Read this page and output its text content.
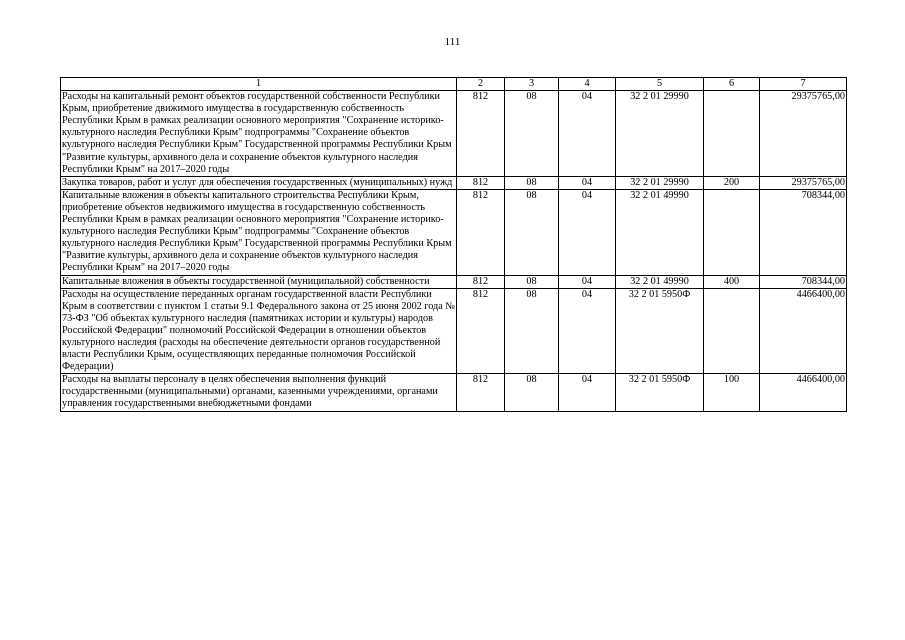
111
1	2	3	4	5	6	7
Расходы на капитальный ремонт объектов государственной собственности Республики Крым, приобретение движимого имущества в государственную собственность Республики Крым в рамках реализации основного мероприятия "Сохранение историко-культурного наследия Республики Крым" подпрограммы "Сохранение объектов культурного наследия Республики Крым" Государственной программы Республики Крым "Развитие культуры, архивного дела и сохранение объектов культурного наследия Республики Крым" на 2017–2020 годы	812	08	04	32 2 01 29990		29375765,00
Закупка товаров, работ и услуг для обеспечения государственных (муниципальных) нужд	812	08	04	32 2 01 29990	200	29375765,00
Капитальные вложения в объекты капитального строительства Республики Крым, приобретение объектов недвижимого имущества в государственную собственность Республики Крым в рамках реализации основного мероприятия "Сохранение историко-культурного наследия Республики Крым" подпрограммы "Сохранение объектов культурного наследия Республики Крым" Государственной программы Республики Крым "Развитие культуры, архивного дела и сохранение объектов культурного наследия Республики Крым" на 2017–2020 годы	812	08	04	32 2 01 49990		708344,00
Капитальные вложения в объекты государственной (муниципальной) собственности	812	08	04	32 2 01 49990	400	708344,00
Расходы на осуществление переданных органам государственной власти Республики Крым в соответствии с пунктом 1 статьи 9.1 Федерального закона от 25 июня 2002 года № 73-ФЗ "Об объектах культурного наследия (памятниках истории и культуры) народов Российской Федерации" полномочий Российской Федерации в отношении объектов культурного наследия (расходы на обеспечение деятельности органов государственной власти Республики Крым, осуществляющих переданные полномочия Российской Федерации)	812	08	04	32 2 01 5950Ф		4466400,00
Расходы на выплаты персоналу в целях обеспечения выполнения функций государственными (муниципальными) органами, казенными учреждениями, органами управления государственными внебюджетными фондами	812	08	04	32 2 01 5950Ф	100	4466400,00
